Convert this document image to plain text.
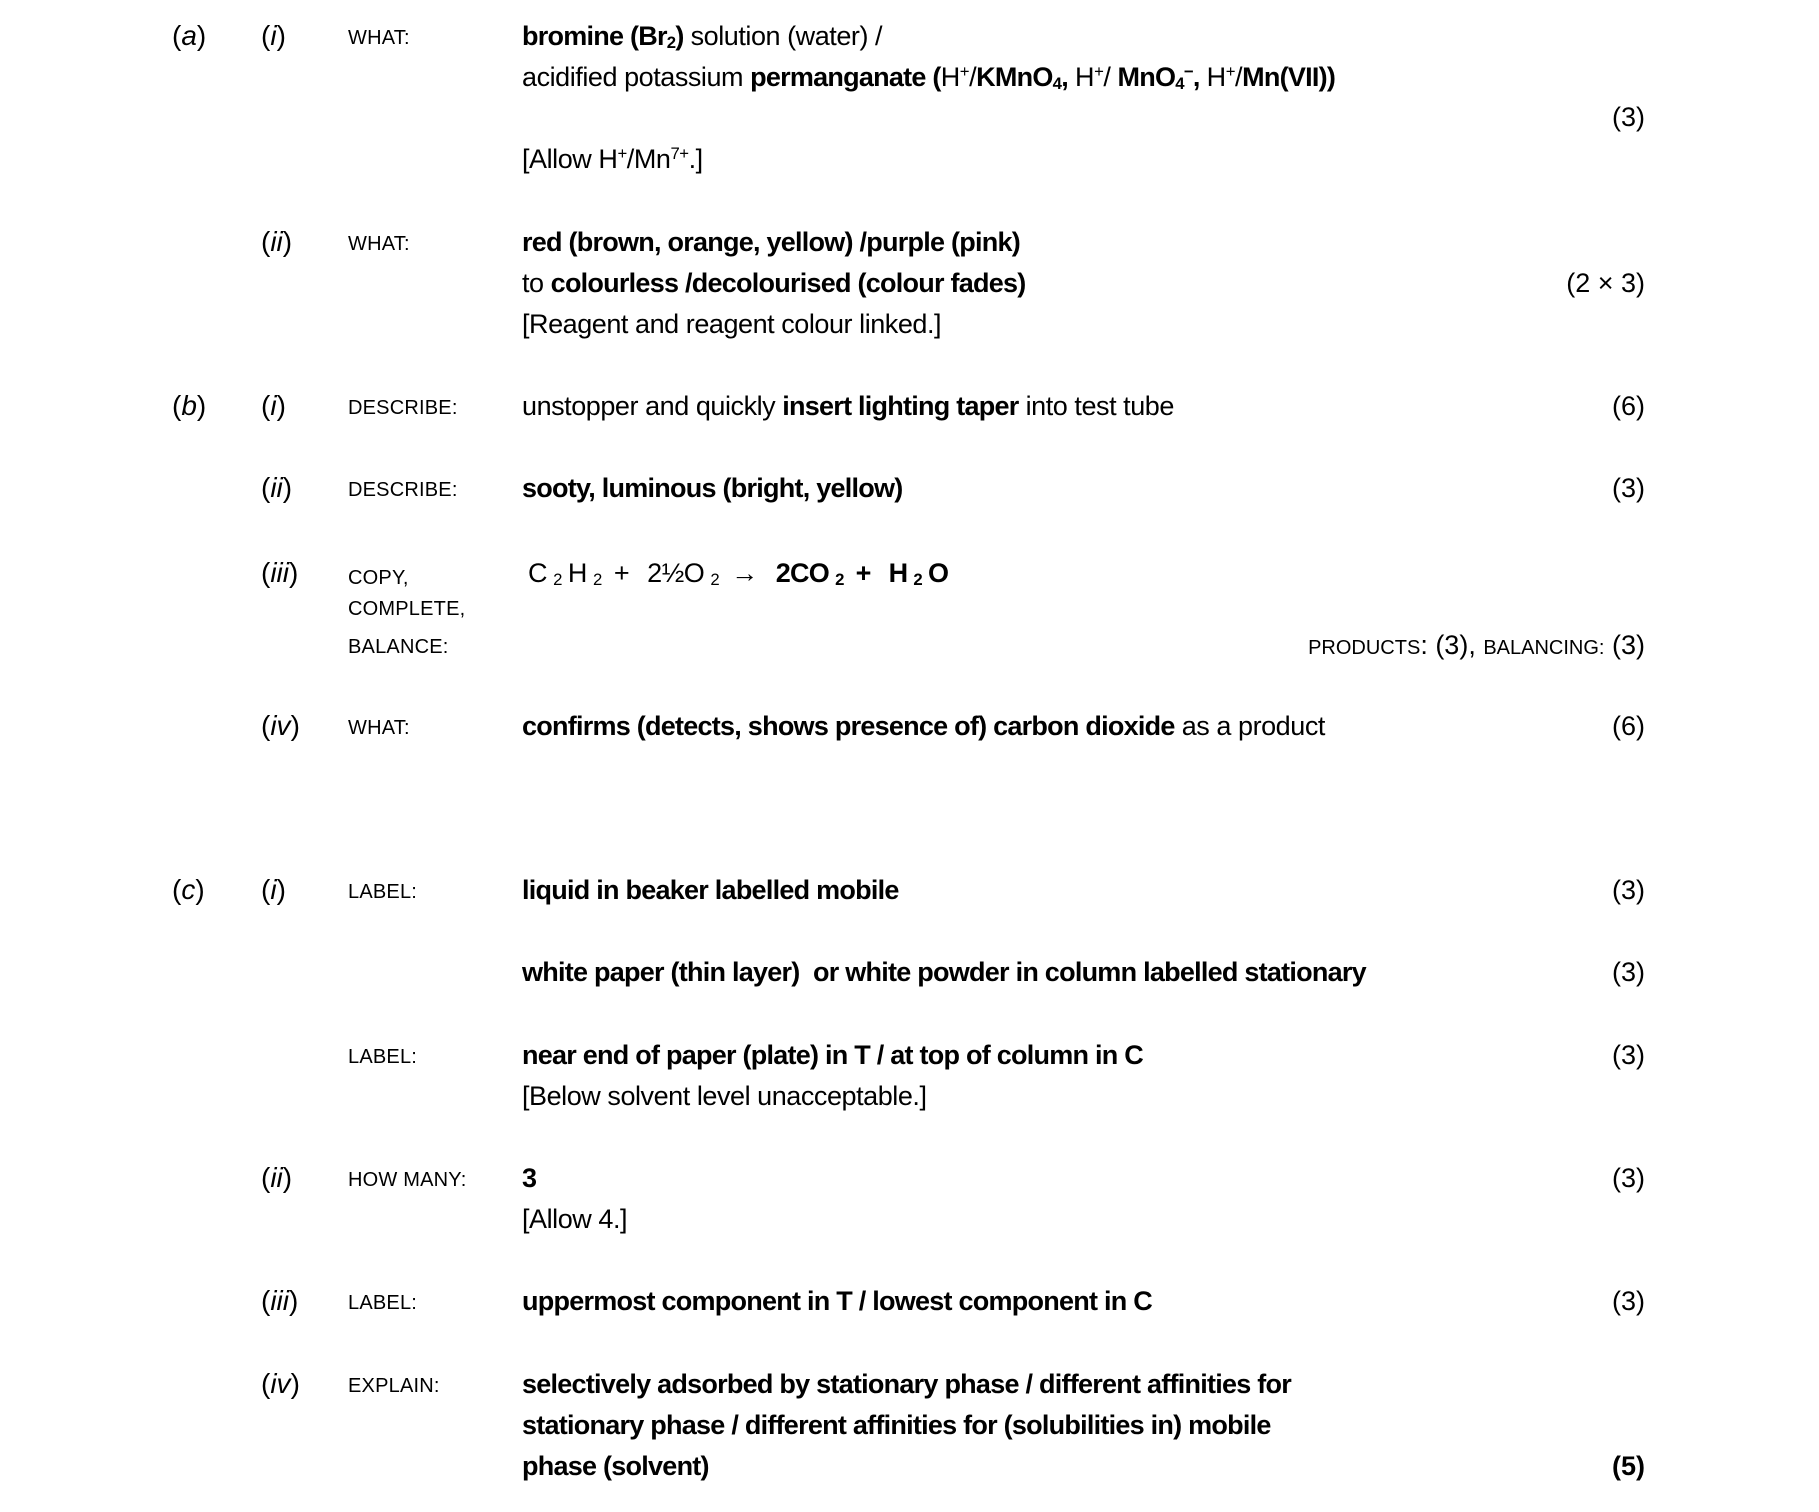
(a) (i)	WHAT:	bromine $(Br_2)$ solution (water) /
acidified potassium permanganate (H+/KMnO$_4$, H+/ MnO$_4$−, H+/Mn(VII))
(3)
[Allow $H^+/Mn^{7+}$.]
(ii)	WHAT:	red (brown, orange, yellow) /purple (pink)
to colourless /decolourised (colour fades)	(2 × 3)
[Reagent and reagent colour linked.]
(b) (i)	DESCRIBE: unstopper and quickly insert lighting taper into test tube	(6)
(ii)	DESCRIBE: sooty, luminous (bright, yellow)	(3)
(iii) COPY,
COMPLETE,
BALANCE:
C $_2$ H $_2$ + 2½O $_2$ → 2CO $_2$ + H $_2$ O
PRODUCTS: (3), BALANCING: (3)
(iv) WHAT:	confirms (detects, shows presence of) carbon dioxide as a product	(6)
(c) (i)	LABEL:	liquid in beaker labelled mobile	(3)
white paper (thin layer)  or white powder in column labelled stationary	(3)
LABEL:	near end of paper (plate) in T / at top of column in C	(3)
[Below solvent level unacceptable.]
(ii)	HOW MANY: 3	(3)
[Allow 4.]
(iii) LABEL:	uppermost component in T / lowest component in C	(3)
(iv) EXPLAIN:	selectively adsorbed by stationary phase / different affinities for
stationary phase / different affinities for (solubilities in) mobile
phase (solvent)	(5)
